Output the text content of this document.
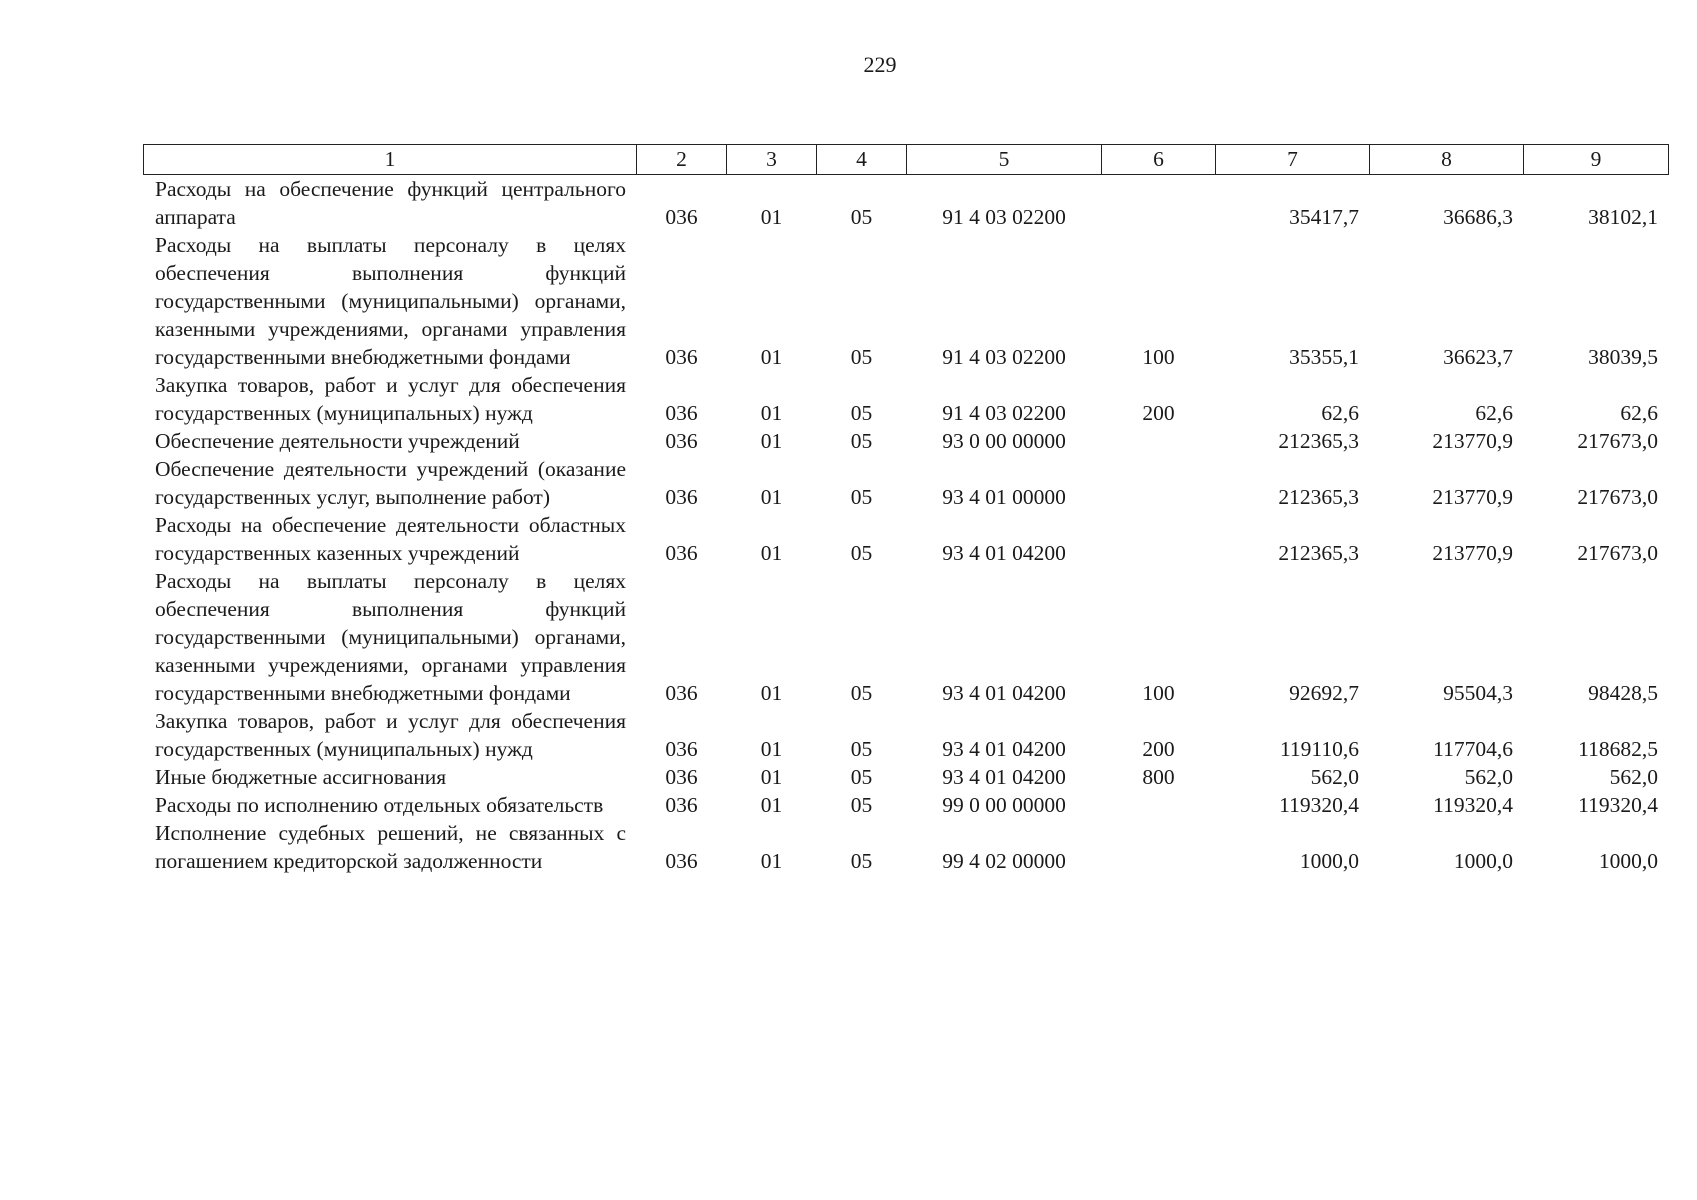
229
1	2	3	4	5	6	7	8	9
Расходы на обеспечение функций центрального аппарата	036	01	05	91 4 03 02200		35417,7	36686,3	38102,1
Расходы на выплаты персоналу в целях обеспечения выполнения функций государственными (муниципальными) органами, казенными учреждениями, органами управления государственными внебюджетными фондами	036	01	05	91 4 03 02200	100	35355,1	36623,7	38039,5
Закупка товаров, работ и услуг для обеспечения государственных (муниципальных) нужд	036	01	05	91 4 03 02200	200	62,6	62,6	62,6
Обеспечение деятельности учреждений	036	01	05	93 0 00 00000		212365,3	213770,9	217673,0
Обеспечение деятельности учреждений (оказание государственных услуг, выполнение работ)	036	01	05	93 4 01 00000		212365,3	213770,9	217673,0
Расходы на обеспечение деятельности областных государственных казенных учреждений	036	01	05	93 4 01 04200		212365,3	213770,9	217673,0
Расходы на выплаты персоналу в целях обеспечения выполнения функций государственными (муниципальными) органами, казенными учреждениями, органами управления государственными внебюджетными фондами	036	01	05	93 4 01 04200	100	92692,7	95504,3	98428,5
Закупка товаров, работ и услуг для обеспечения государственных (муниципальных) нужд	036	01	05	93 4 01 04200	200	119110,6	117704,6	118682,5
Иные бюджетные ассигнования	036	01	05	93 4 01 04200	800	562,0	562,0	562,0
Расходы по исполнению отдельных обязательств	036	01	05	99 0 00 00000		119320,4	119320,4	119320,4
Исполнение судебных решений, не связанных с погашением кредиторской задолженности	036	01	05	99 4 02 00000		1000,0	1000,0	1000,0
